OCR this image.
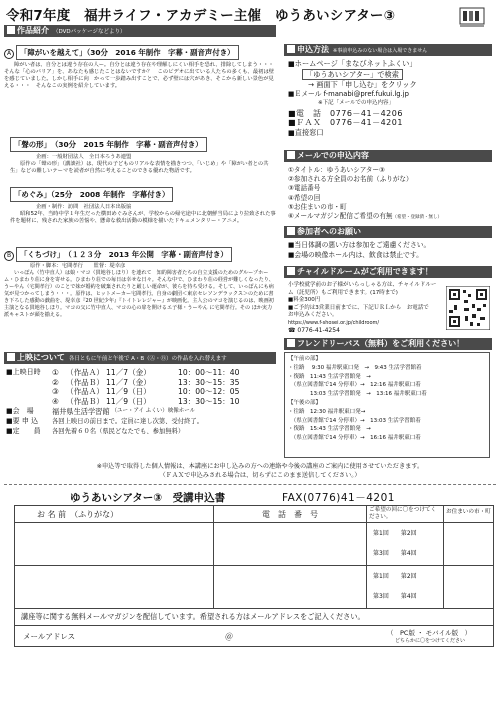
令和7年度　福井ライフ・アカデミー主催　ゆうあいシアター③
作品紹介 （DVDパッケージなどより）
A 「障がいを越えて」（30分　2016 年制作　字幕・副音声付き）
障がい者は、自分とは違う存在の人ー。自分とは違う存在や理解しにくい相手を恐れ、排除してしまう・・・そんな「心のバリア」を、あなたも感じたことはないですか？　このビデオに出ている人たちの多くも、最初は壁を感じていました。しかし相手に向　かって一歩踏み出すことで、必ず壁には穴があき、そこから新しい景色が見える・・・　そんなこの実例を紹介しています。
「聲の形」　（30分　2015 年制作　字幕・副音声付き）
企画：一般財団法人　全日本ろうあ連盟
原作の「聲の形」（講談社）は、現代の子どものリアルな表情を描きつつ、「いじめ」や「障がい者との共生」などの難しいテーマを読者が自然に考えることのできる優れた物語です。
「めぐみ」（25分　2008 年制作　字幕付き）
企画・制作：訪問　社団法人日本出版協
昭和52年、当時中学１年生だった横田めぐみさんが、学校からの帰宅途中に北朝鮮当局により拉致された事件を題材に、残された家族の苦悩や、懸命な救出活動の模様を描いたドキュメンタリー・アニメ。
B 「くちづけ」　（１２３分　2013 年公開　字幕・副音声付き）
原作・脚本：宅間孝行　　監督：堤幸彦
いっぽん（竹中直人）は娘・マコ（貫地谷しほり）を連れて　知的障害者たちの自立支援のためのグループホーム・ひまわり荘に身を寄せる。ひまわり荘での毎日は幸せな日々。そんな中で、ひまわり荘の経営が難しくなったり、うーやん（宅間孝行）のことで妹が婚約を破棄されたりと厳しい運命が、彼らを待ち受ける。そして、いっぽんにも病気が見つかってしまう・・・。原作は、ヒットメーカー宅間孝行。自身の劇団＜東京セレソンデラックス＞のために書き下ろした感動の戯曲を、堤幸彦『20 世紀少年』『トイトレレジャー』が映画化。主人公のマコを演じるのは、映画初主演となる貫地谷しほり。マコの父に竹中直人、マコの心の扉を開けるエ子様・うーやん に宅間孝行。その ほか実力派キャストが顔を揃える。
上映について 各日ともに午前と午後で A・B（Ⓐ・Ⓑ）の作品を入れ替えます
■上映日時	① （作品Ａ） 11／7（金）	10：00～11：40
② （作品Ｂ） 11／7（金）	13：30～15：35
③ （作品Ａ） 11／9（日）	10：00～12：05
④ （作品Ｂ） 11／9（日）	13：30～15：10
■会　場	福井県生活学習館 （ユー・アイ ふくい）映像ホール
■要 申 込	各回上映日の前日まで。定員に達し次第、受付終了。
■定　　員	各回先着６０名（県民どなたでも、参加無料）
申込方法 ※事前申込みのない場合は入場できません
■ホームページ「まなびネットふくい」
「ゆうあいシアター」で検索
→ 画面下「申し込む」をクリック
■Ｅメール f-manabi@pref.fukui.lg.jp
※下記「メールでの申込内容」
■電　話　0776－41－4206
■ＦＡＸ　0776－41－4201
■直接窓口
メールでの申込内容
①タイトル：ゆうあいシアター③
②参加される方全員のお名前（ふりがな）
③電話番号
④希望の回
⑤お住まいの市・町
⑥メールマガジン配信ご希望の有無（希望・登録済・無し）
参加者へのお願い
■当日体調の悪い方は参加をご遠慮ください。
■会場の映像ホール内は、飲食は禁止です。
チャイルドルームがご利用できます！
小学校就学前のお子様がいらっしゃる方は、チャイルドルーム（託児所）もご利用できます。(17時まで)
■料金300円
■ご予約は3営業日前までに、下記ＵＲＬから　お電話で　お申込みください。
https://www.f-shosei.or.jp/childroom/
☎ 0776-41-4254
フレンドリーバス（無料）をご利用ください！
【午前の部】
・往路　 9:30 福井駅東口発　→　9:43 生活学習館着
・復路　11:43 生活学習館発　→
　（県立図書館で14 分停車）→　12:16 福井駅東口着
　　　　13:03 生活学習館発　→　13:16 福井駅東口着
【午後の部】
・往路　12:30 福井駅東口発→
　（県立図書館で14 分停車）→　13:03 生活学習館着
・復路　15:43 生活学習館発　→
　（県立図書館で14 分停車）→　16:16 福井駅東口着
※申込等で取得した個人情報は、本講座にお申し込みの方への連絡や今後の講座のご案内に使用させていただきます。
（ＦＡＸで申込みされる場合は、切らずにこのまま送信してください。）
ゆうあいシアター③　受講申込書	FAX(0776)41－4201
お 名 前　（ふりがな）	電　話　番　号	ご希望の回に〇をつけてください。	お住まいの市・町
		第1回　　 第2回
第3回　　 第4回	
		第1回　　 第2回
第3回　　 第4回	
講座等に関する無料メールマガジンを配信しています。希望される方はメールアドレスをご記入ください。			
メールアドレス ＠ （　PC版 ・ モバイル版　）
どちらかに〇をつけてください			
